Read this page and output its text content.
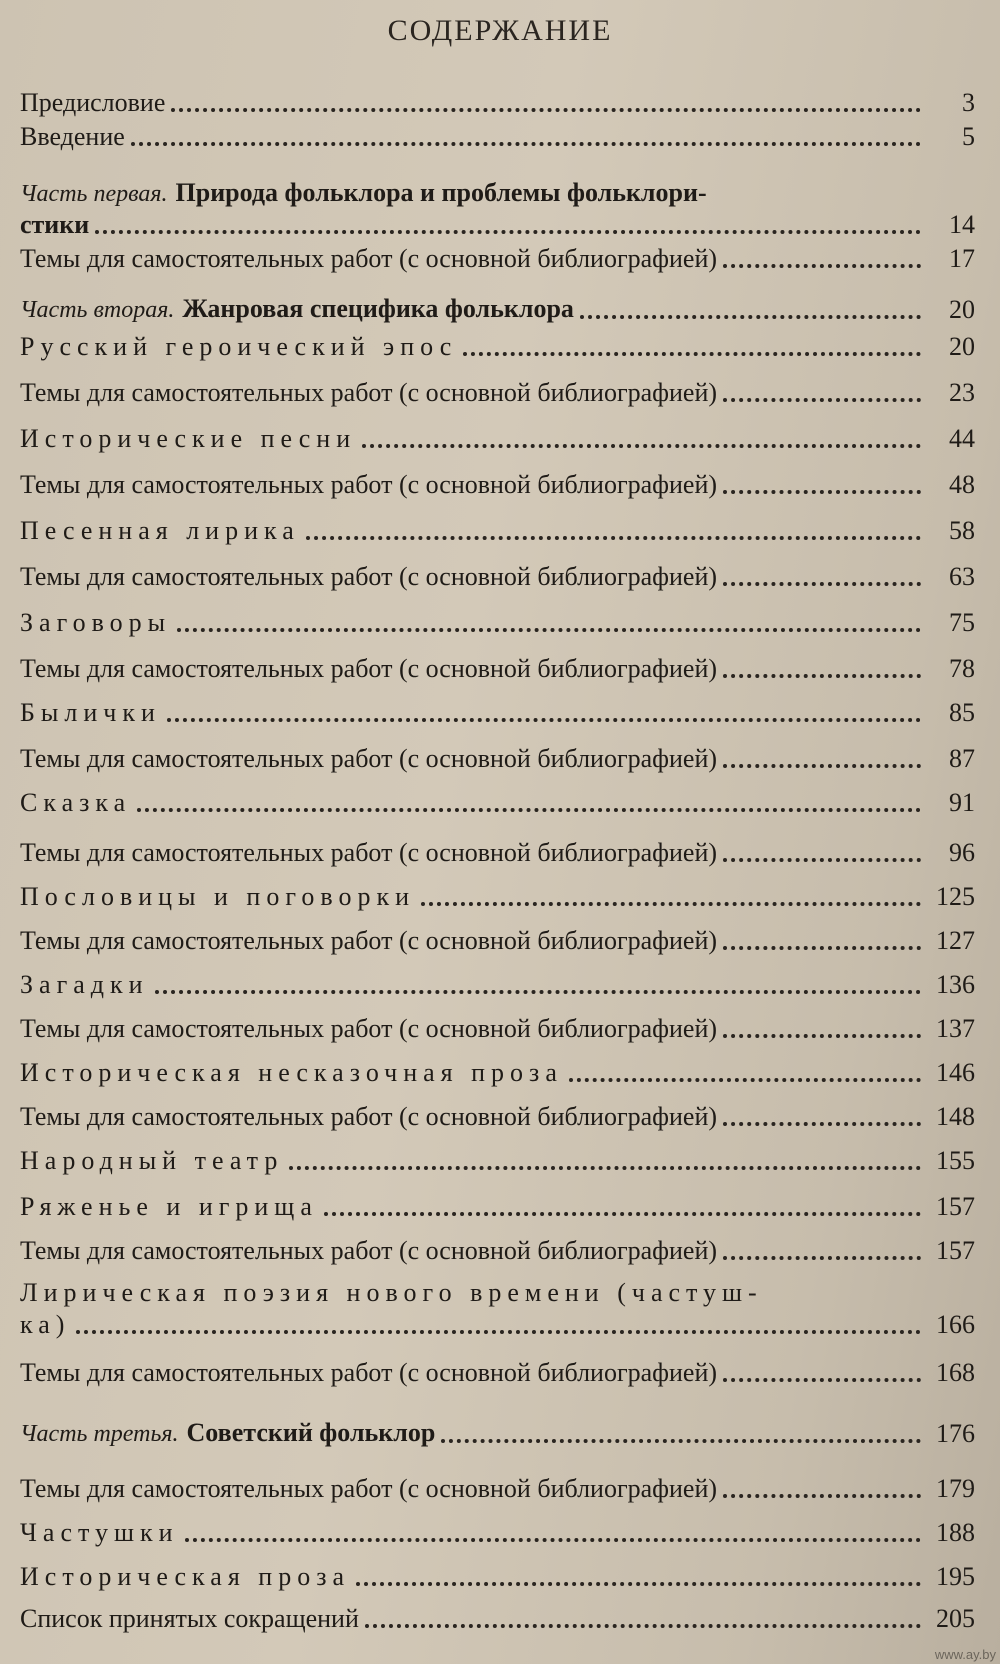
СОДЕРЖАНИЕ
Предисловие	3
Введение	5
Часть первая. Природа фольклора и проблемы фольклори-
стики	14
Темы для самостоятельных работ (с основной библиографией)	17
Часть вторая. Жанровая специфика фольклора	20
Русский героический эпос	20
Темы для самостоятельных работ (с основной библиографией)	23
Исторические песни	44
Темы для самостоятельных работ (с основной библиографией)	48
Песенная лирика	58
Темы для самостоятельных работ (с основной библиографией)	63
Заговоры	75
Темы для самостоятельных работ (с основной библиографией)	78
Былички	85
Темы для самостоятельных работ (с основной библиографией)	87
Сказка	91
Темы для самостоятельных работ (с основной библиографией)	96
Пословицы и поговорки	125
Темы для самостоятельных работ (с основной библиографией)	127
Загадки	136
Темы для самостоятельных работ (с основной библиографией)	137
Историческая несказочная проза	146
Темы для самостоятельных работ (с основной библиографией)	148
Народный театр	155
Ряженье и игрища	157
Темы для самостоятельных работ (с основной библиографией)	157
Лирическая поэзия нового времени (частуш-
ка)	166
Темы для самостоятельных работ (с основной библиографией)	168
Часть третья. Советский фольклор	176
Темы для самостоятельных работ (с основной библиографией)	179
Частушки	188
Историческая проза	195
Список принятых сокращений	205
www.ay.by
